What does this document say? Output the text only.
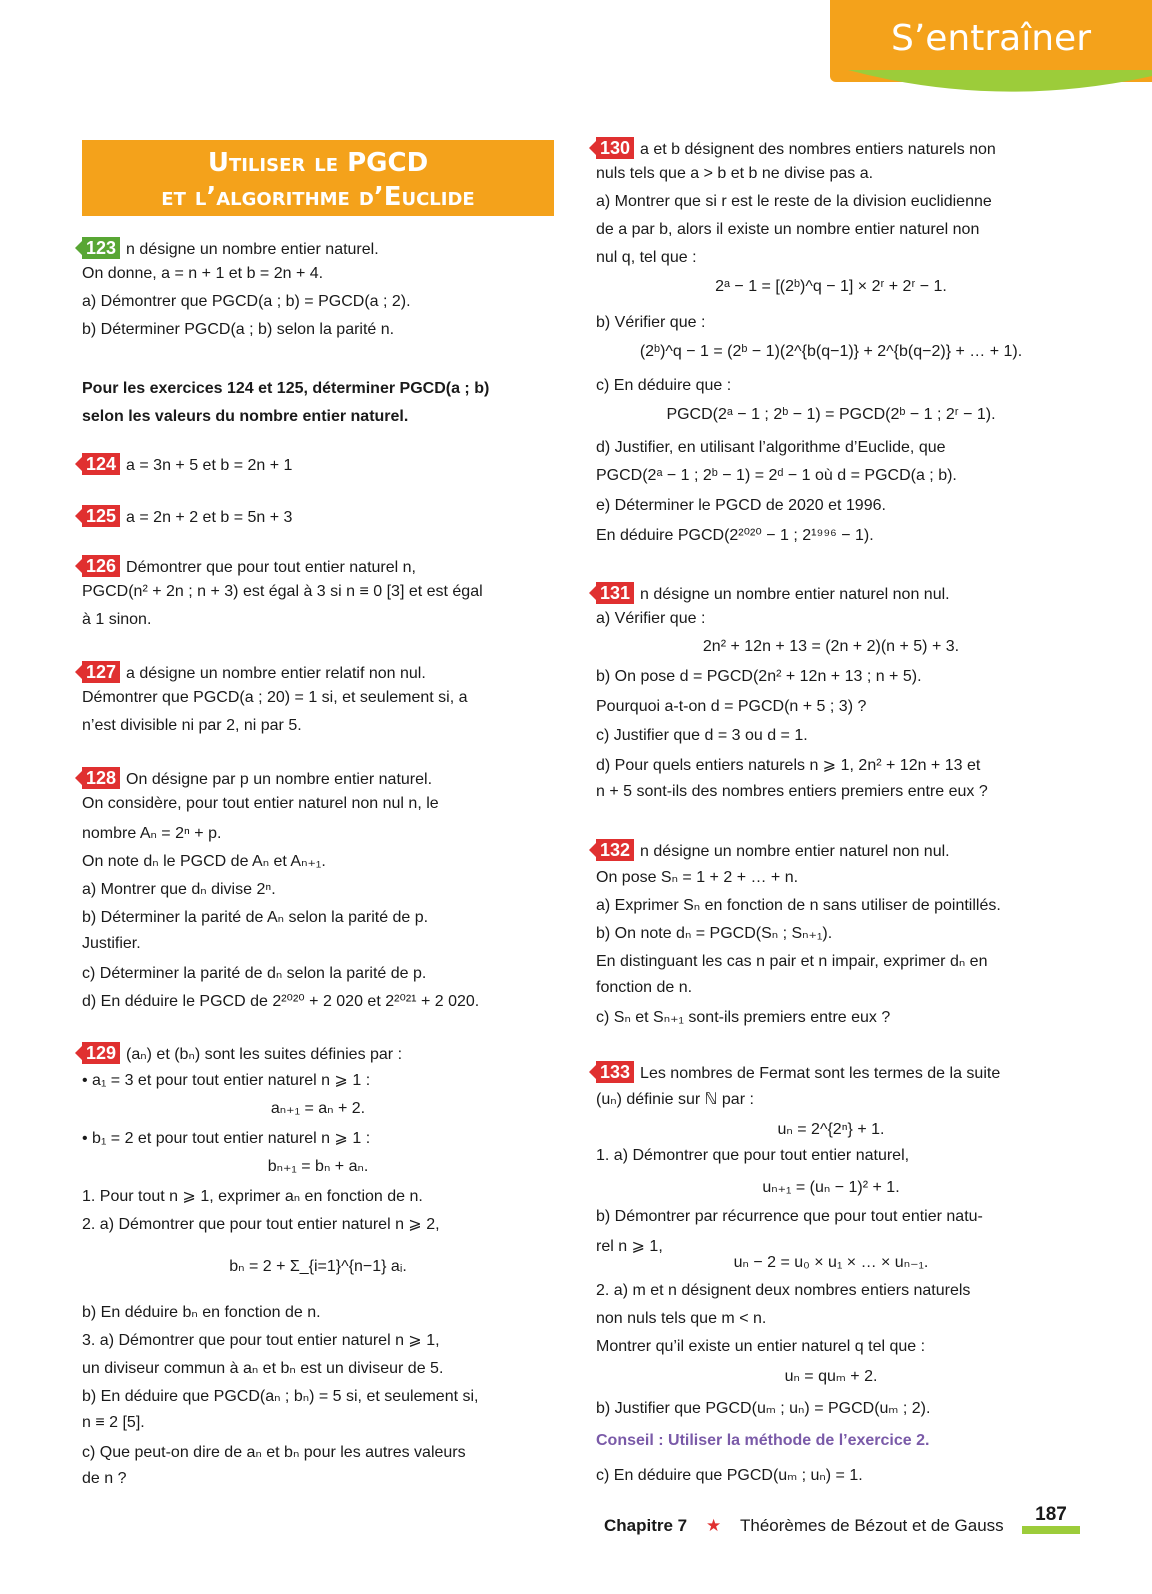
S’entraîner
Utiliser le PGCD
et l’algorithme d’Euclide
123 n désigne un nombre entier naturel.
On donne, a = n + 1 et b = 2n + 4.
a) Démontrer que PGCD(a ; b) = PGCD(a ; 2).
b) Déterminer PGCD(a ; b) selon la parité n.
Pour les exercices 124 et 125, déterminer PGCD(a ; b)
selon les valeurs du nombre entier naturel.
124 a = 3n + 5 et b = 2n + 1
125 a = 2n + 2 et b = 5n + 3
126 Démontrer que pour tout entier naturel n,
PGCD(n² + 2n ; n + 3) est égal à 3 si n ≡ 0 [3] et est égal
à 1 sinon.
127 a désigne un nombre entier relatif non nul.
Démontrer que PGCD(a ; 20) = 1 si, et seulement si, a
n’est divisible ni par 2, ni par 5.
128 On désigne par p un nombre entier naturel.
On considère, pour tout entier naturel non nul n, le
nombre Aₙ = 2ⁿ + p.
On note dₙ le PGCD de Aₙ et Aₙ₊₁.
a) Montrer que dₙ divise 2ⁿ.
b) Déterminer la parité de Aₙ selon la parité de p.
Justifier.
c) Déterminer la parité de dₙ selon la parité de p.
d) En déduire le PGCD de 2²⁰²⁰ + 2 020 et 2²⁰²¹ + 2 020.
129 (aₙ) et (bₙ) sont les suites définies par :
• a₁ = 3 et pour tout entier naturel n ⩾ 1 :
aₙ₊₁ = aₙ + 2.
• b₁ = 2 et pour tout entier naturel n ⩾ 1 :
bₙ₊₁ = bₙ + aₙ.
1. Pour tout n ⩾ 1, exprimer aₙ en fonction de n.
2. a) Démontrer que pour tout entier naturel n ⩾ 2,
bₙ = 2 + Σ_{i=1}^{n−1} aᵢ.
b) En déduire bₙ en fonction de n.
3. a) Démontrer que pour tout entier naturel n ⩾ 1,
un diviseur commun à aₙ et bₙ est un diviseur de 5.
b) En déduire que PGCD(aₙ ; bₙ) = 5 si, et seulement si,
n ≡ 2 [5].
c) Que peut-on dire de aₙ et bₙ pour les autres valeurs
de n ?
130 a et b désignent des nombres entiers naturels non
nuls tels que a > b et b ne divise pas a.
a) Montrer que si r est le reste de la division euclidienne
de a par b, alors il existe un nombre entier naturel non
nul q, tel que :
2ᵃ − 1 = [(2ᵇ)^q − 1] × 2ʳ + 2ʳ − 1.
b) Vérifier que :
(2ᵇ)^q − 1 = (2ᵇ − 1)(2^{b(q−1)} + 2^{b(q−2)} + … + 1).
c) En déduire que :
PGCD(2ᵃ − 1 ; 2ᵇ − 1) = PGCD(2ᵇ − 1 ; 2ʳ − 1).
d) Justifier, en utilisant l’algorithme d’Euclide, que
PGCD(2ᵃ − 1 ; 2ᵇ − 1) = 2ᵈ − 1 où d = PGCD(a ; b).
e) Déterminer le PGCD de 2020 et 1996.
En déduire PGCD(2²⁰²⁰ − 1 ; 2¹⁹⁹⁶ − 1).
131 n désigne un nombre entier naturel non nul.
a) Vérifier que :
2n² + 12n + 13 = (2n + 2)(n + 5) + 3.
b) On pose d = PGCD(2n² + 12n + 13 ; n + 5).
Pourquoi a-t-on d = PGCD(n + 5 ; 3) ?
c) Justifier que d = 3 ou d = 1.
d) Pour quels entiers naturels n ⩾ 1, 2n² + 12n + 13 et
n + 5 sont-ils des nombres entiers premiers entre eux ?
132 n désigne un nombre entier naturel non nul.
On pose Sₙ = 1 + 2 + … + n.
a) Exprimer Sₙ en fonction de n sans utiliser de pointillés.
b) On note dₙ = PGCD(Sₙ ; Sₙ₊₁).
En distinguant les cas n pair et n impair, exprimer dₙ en
fonction de n.
c) Sₙ et Sₙ₊₁ sont-ils premiers entre eux ?
133 Les nombres de Fermat sont les termes de la suite
(uₙ) définie sur ℕ par :
uₙ = 2^{2ⁿ} + 1.
1. a) Démontrer que pour tout entier naturel,
uₙ₊₁ = (uₙ − 1)² + 1.
b) Démontrer par récurrence que pour tout entier natu-
rel n ⩾ 1,
uₙ − 2 = u₀ × u₁ × … × uₙ₋₁.
2. a) m et n désignent deux nombres entiers naturels
non nuls tels que m < n.
Montrer qu’il existe un entier naturel q tel que :
uₙ = quₘ + 2.
b) Justifier que PGCD(uₘ ; uₙ) = PGCD(uₘ ; 2).
Conseil : Utiliser la méthode de l’exercice 2.
c) En déduire que PGCD(uₘ ; uₙ) = 1.
Chapitre 7 ★ Théorèmes de Bézout et de Gauss
187
